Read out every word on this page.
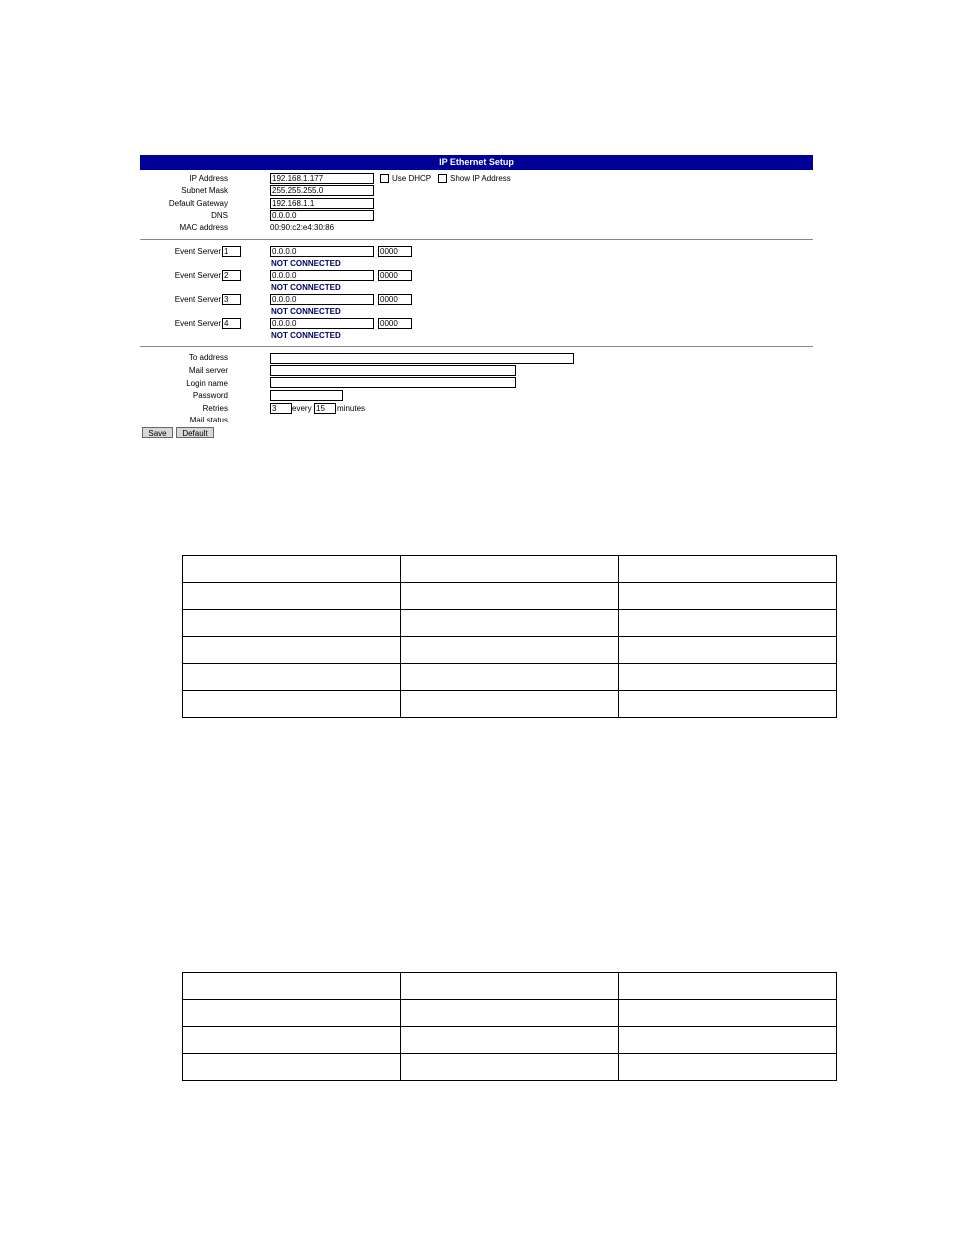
IP Ethernet Setup
IP Address	192.168.1.177
Subnet Mask	255.255.255.0
Default Gateway	192.168.1.1
DNS	0.0.0.0
MAC address	00:90:c2:e4:30:86
Use DHCP Show IP Address
Event Server 1	0.0.0.0	0000
NOT CONNECTED
Event Server 2	0.0.0.0	0000
NOT CONNECTED
Event Server 3	0.0.0.0	0000
NOT CONNECTED
Event Server 4	0.0.0.0	0000
NOT CONNECTED
To address
Mail server
Login name
Password
Retries	3	every 15	minutes
Mail status
Save	Default
